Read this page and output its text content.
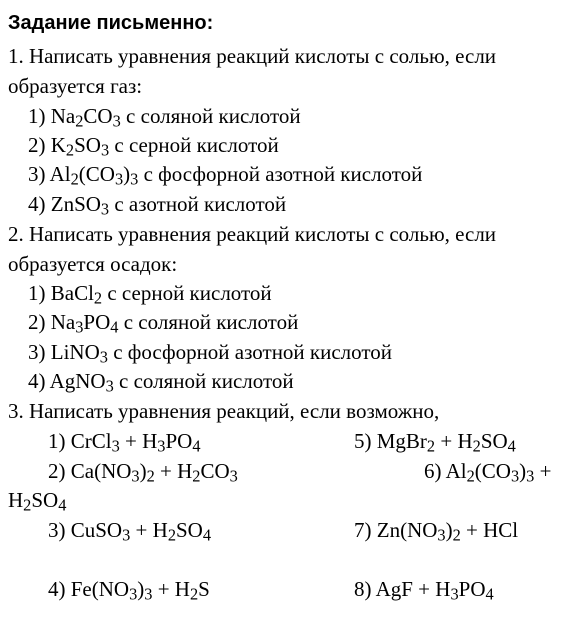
Задание письменно:
1. Написать уравнения реакций кислоты с солью, если
образуется газ:
1) $Na_2CO_3$ с соляной кислотой
2) $K_2SO_3$ с серной кислотой
3) $Al_2(CO_3)_3$ с фосфорной азотной кислотой
4) ZnSO$_3$ с азотной кислотой
2. Написать уравнения реакций кислоты с солью, если
образуется осадок:
1) BaCl$_2$ с серной кислотой
2) $Na_3PO_4$ с соляной кислотой
3) LiNO$_3$ с фосфорной азотной кислотой
4) AgNO$_3$ с соляной кислотой
3. Написать уравнения реакций, если возможно,
1) CrCl$_3$ + $H_3PO_4$	5) MgBr$_2$ + $H_2SO_4$
2) $Ca(NO_3)_2 + H_2CO_3$	6) $Al_2(CO_3)_3$ +
$H_2SO_4$
3) CuSO$_3$ + $H_2SO_4$	7) $Zn(NO_3)_2$ + HCl
4) $Fe(NO_3)_3 + H_2S$	8) AgF + $H_3PO_4$
